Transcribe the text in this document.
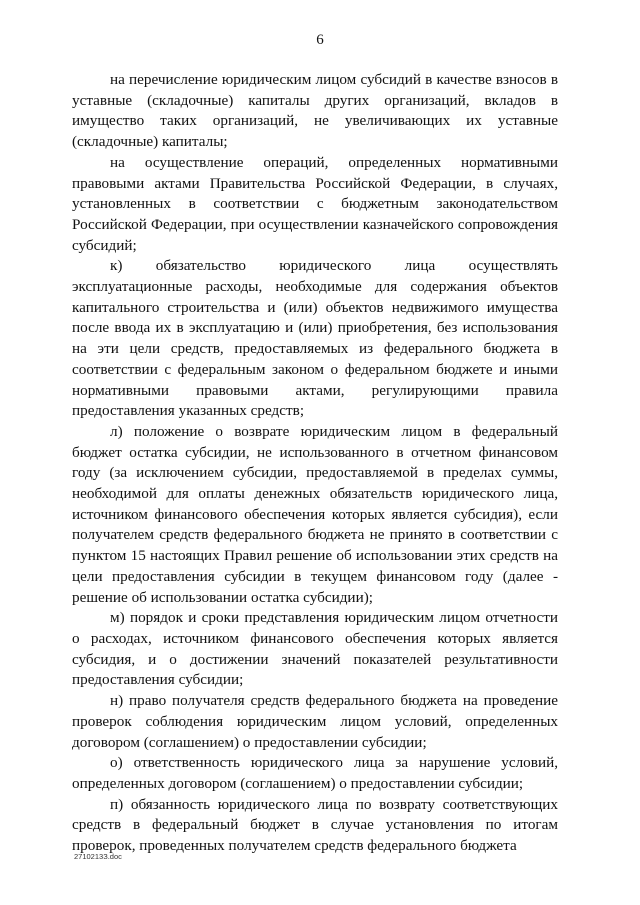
6

на перечисление юридическим лицом субсидий в качестве взносов в уставные (складочные) капиталы других организаций, вкладов в имущество таких организаций, не увеличивающих их уставные (складочные) капиталы;

на осуществление операций, определенных нормативными правовыми актами Правительства Российской Федерации, в случаях, установленных в соответствии с бюджетным законодательством Российской Федерации, при осуществлении казначейского сопровождения субсидий;

к) обязательство юридического лица осуществлять эксплуатационные расходы, необходимые для содержания объектов капитального строительства и (или) объектов недвижимого имущества после ввода их в эксплуатацию и (или) приобретения, без использования на эти цели средств, предоставляемых из федерального бюджета в соответствии с федеральным законом о федеральном бюджете и иными нормативными правовыми актами, регулирующими правила предоставления указанных средств;

л) положение о возврате юридическим лицом в федеральный бюджет остатка субсидии, не использованного в отчетном финансовом году (за исключением субсидии, предоставляемой в пределах суммы, необходимой для оплаты денежных обязательств юридического лица, источником финансового обеспечения которых является субсидия), если получателем средств федерального бюджета не принято в соответствии с пунктом 15 настоящих Правил решение об использовании этих средств на цели предоставления субсидии в текущем финансовом году (далее - решение об использовании остатка субсидии);

м) порядок и сроки представления юридическим лицом отчетности о расходах, источником финансового обеспечения которых является субсидия, и о достижении значений показателей результативности предоставления субсидии;

н) право получателя средств федерального бюджета на проведение проверок соблюдения юридическим лицом условий, определенных договором (соглашением) о предоставлении субсидии;

о) ответственность юридического лица за нарушение условий, определенных договором (соглашением) о предоставлении субсидии;

п) обязанность юридического лица по возврату соответствующих средств в федеральный бюджет в случае установления по итогам проверок, проведенных получателем средств федерального бюджета

2710213З.doc
